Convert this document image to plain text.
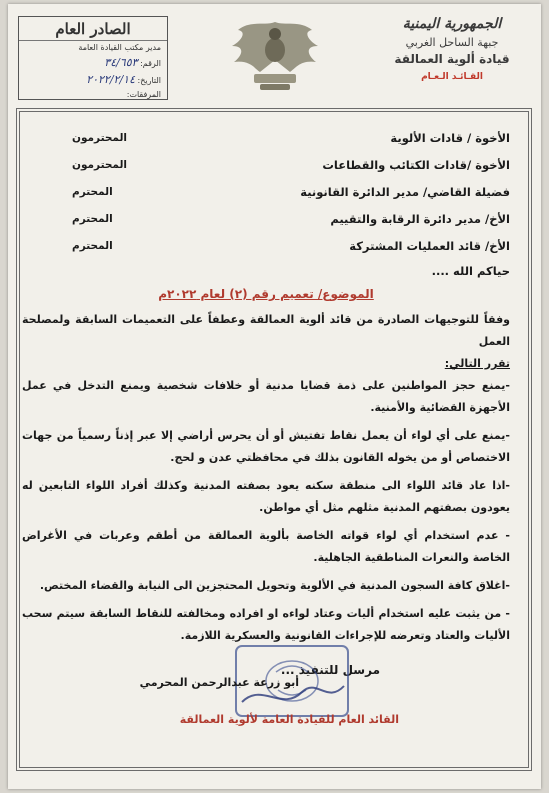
الجمهورية اليمنية
جبهة الساحل الغربي
قيادة ألوية العمالقة
القـائـد الـعـام
الصادر العام
مدير مكتب القيادة العامة
الرقم: ٣٤/٦٥٣
التاريخ: ٢٠٢٢/٢/١٤
المرفقات:
الأخوة / قادات الألوية
المحترمون
الأخوة /قادات الكتائب والقطاعات
المحترمون
فضيلة القاضي/ مدير الدائرة القانونية
المحترم
الأخ/ مدير دائرة الرقابة والتقييم
المحترم
الأخ/ قائد العمليات المشتركة
المحترم
حياكم الله ....
الموضوع/ تعميم رقم (٢) لعام ٢٠٢٢م

وفقاً للتوجيهات الصادرة من قائد ألوية العمالقة وعطفاً على التعميمات السابقة ولمصلحة العمل

تقرر التالي:

-يمنع حجز المواطنين على ذمة قضايا مدنية أو خلافات شخصية ويمنع التدخل في عمل الأجهزة القضائية والأمنية.

-يمنع على أي لواء أن يعمل نقاط تفتيش أو أن يحرس أراضي إلا عبر إذناً رسمياً من جهات الاختصاص أو من يخوله القانون بذلك في محافظتي عدن و لحج.

-اذا عاد قائد اللواء الى منطقة سكنه يعود بصفته المدنية وكذلك أفراد اللواء التابعين له يعودون بصفتهم المدنية مثلهم مثل أي مواطن.

- عدم استخدام أي لواء قواته الخاصة بألوية العمالقة من أطقم وعربات في الأغراض الخاصة والنعرات المناطقية الجاهلية.

-اغلاق كافة السجون المدنية في الألوية وتحويل المحتجزين الى النيابة والقضاء المختص.

- من يثبت عليه استخدام أليات وعتاد لواءه او افراده ومخالفته للنقاط السابقة سيتم سحب الأليات والعتاد وتعرضه للإجراءات القانونية والعسكرية اللازمة.

مرسل للتنفيذ ...
أبو زرعة عبدالرحمن المحرمي
القائد العام للقيادة العامة لألوية العمالقة
